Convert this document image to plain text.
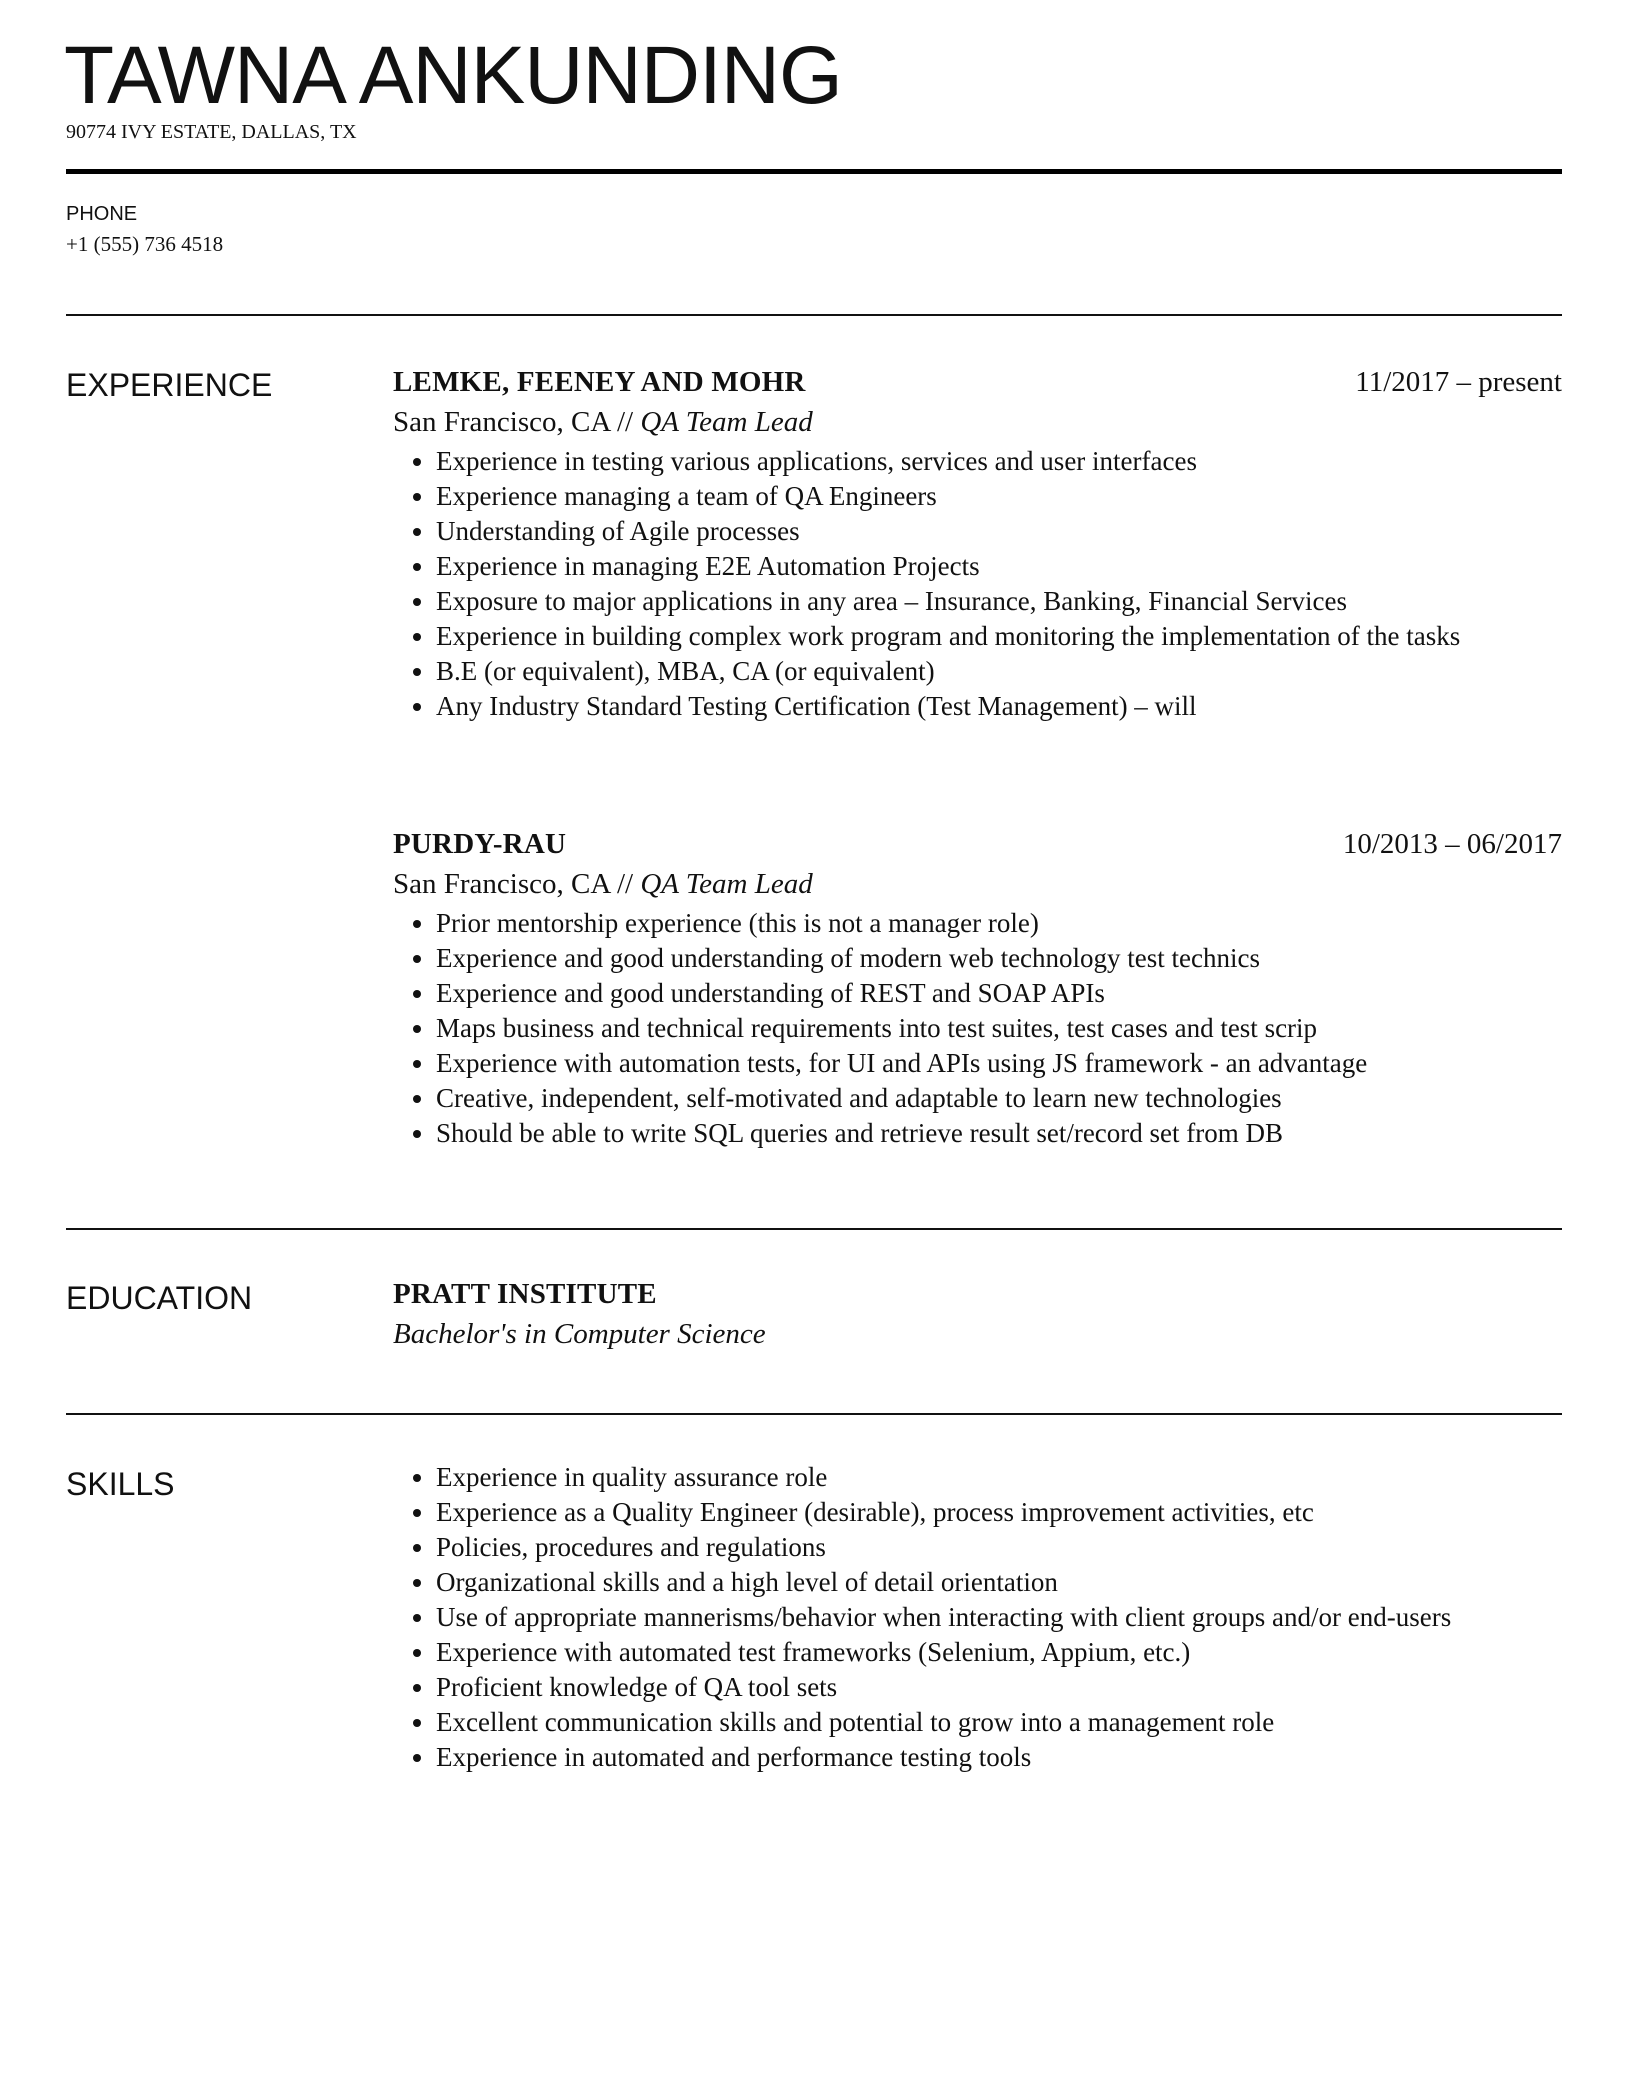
TAWNA ANKUNDING
90774 IVY ESTATE, DALLAS, TX
PHONE
+1 (555) 736 4518
EXPERIENCE	LEMKE, FEENEY AND MOHR	11/2017 – present
San Francisco, CA // QA Team Lead
Experience in testing various applications, services and user interfaces
Experience managing a team of QA Engineers
Understanding of Agile processes
Experience in managing E2E Automation Projects
Exposure to major applications in any area – Insurance, Banking, Financial Services
Experience in building complex work program and monitoring the implementation of the tasks
B.E (or equivalent), MBA, CA (or equivalent)
Any Industry Standard Testing Certification (Test Management) – will
PURDY-RAU	10/2013 – 06/2017
San Francisco, CA // QA Team Lead
Prior mentorship experience (this is not a manager role)
Experience and good understanding of modern web technology test technics
Experience and good understanding of REST and SOAP APIs
Maps business and technical requirements into test suites, test cases and test scrip
Experience with automation tests, for UI and APIs using JS framework - an advantage
Creative, independent, self-motivated and adaptable to learn new technologies
Should be able to write SQL queries and retrieve result set/record set from DB
EDUCATION	PRATT INSTITUTE
Bachelor's in Computer Science
SKILLS	Experience in quality assurance role
Experience as a Quality Engineer (desirable), process improvement activities, etc
Policies, procedures and regulations
Organizational skills and a high level of detail orientation
Use of appropriate mannerisms/behavior when interacting with client groups and/or end-users
Experience with automated test frameworks (Selenium, Appium, etc.)
Proficient knowledge of QA tool sets
Excellent communication skills and potential to grow into a management role
Experience in automated and performance testing tools
